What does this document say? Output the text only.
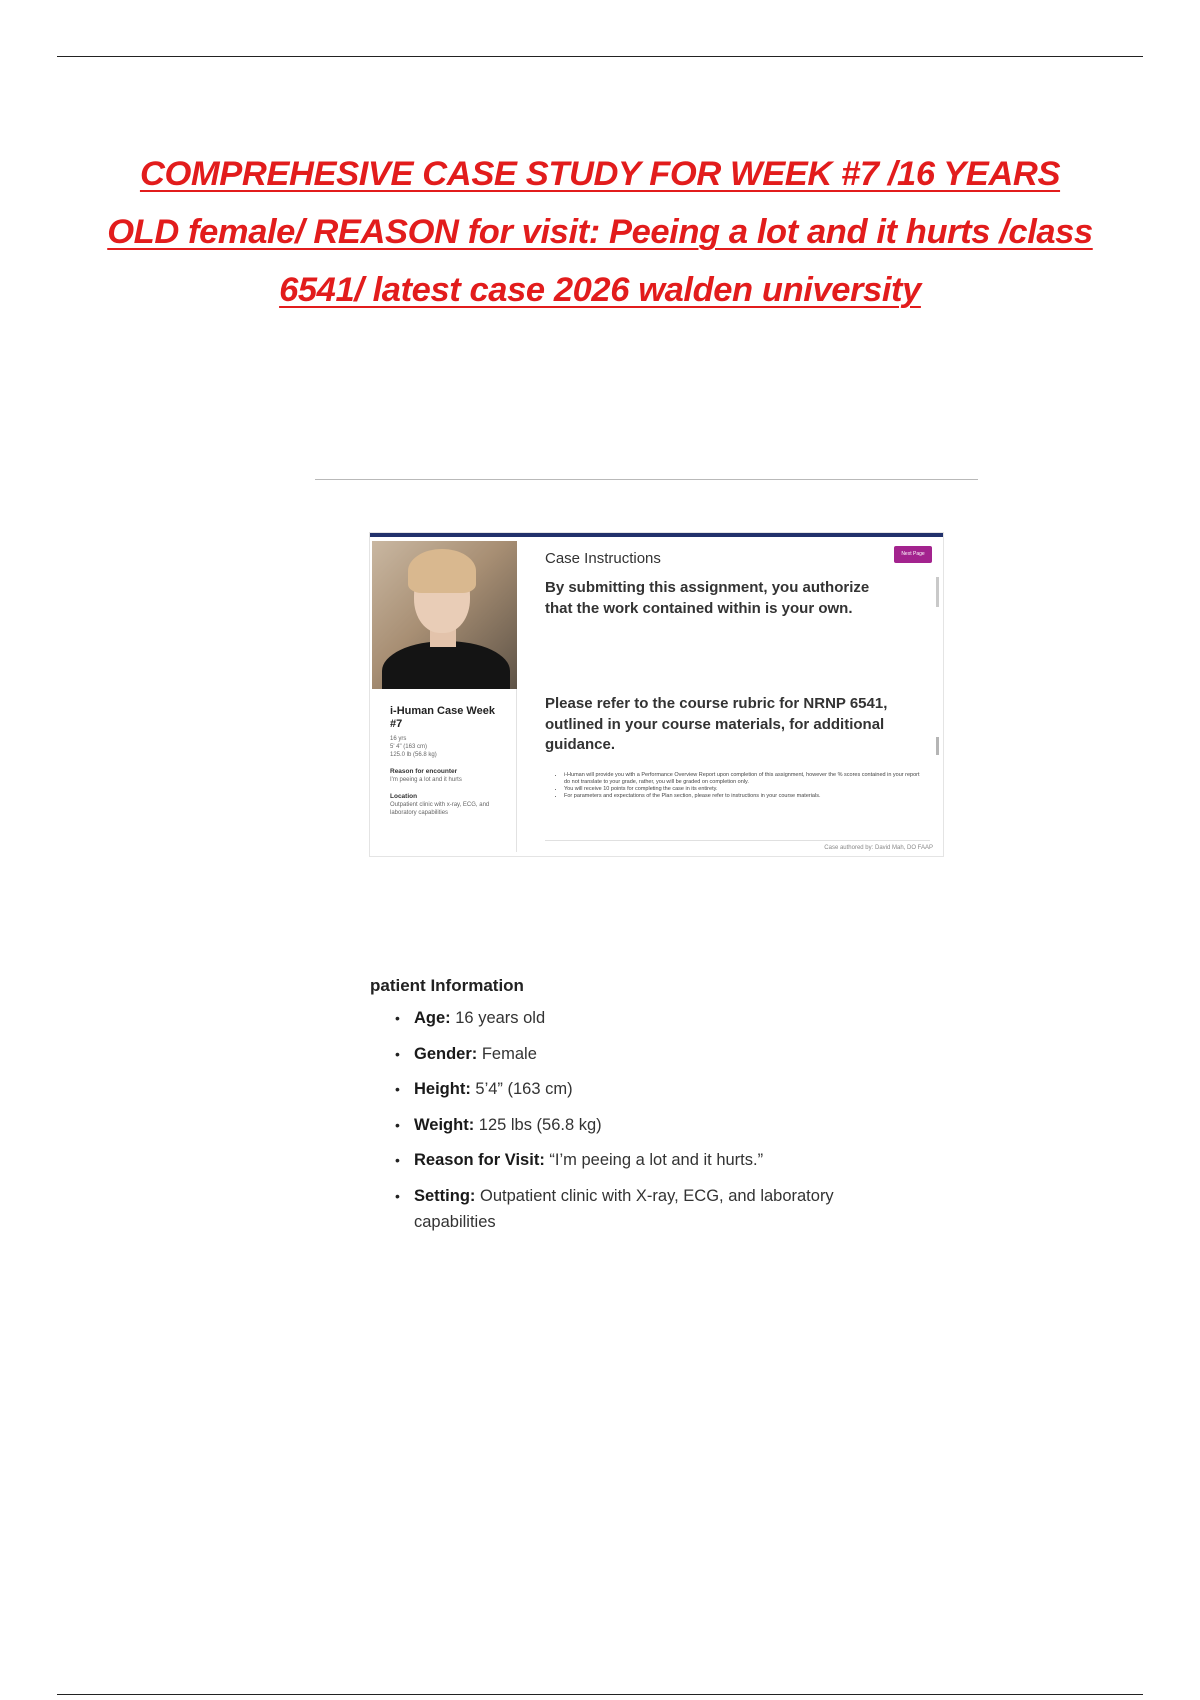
COMPREHESIVE CASE STUDY FOR WEEK #7 /16 YEARS OLD female/ REASON for visit: Peeing a lot and it hurts /class 6541/ latest case 2026 walden university
i-Human Case Week #7
16 yrs
5' 4" (163 cm)
125.0 lb (56.8 kg)
Reason for encounter
I'm peeing a lot and it hurts
Location
Outpatient clinic with x-ray, ECG, and laboratory capabilities
Case Instructions	Next Page
By submitting this assignment, you authorize that the work contained within is your own.
Please refer to the course rubric for NRNP 6541, outlined in your course materials, for additional guidance.
• i-Human will provide you with a Performance Overview Report upon completion of this assignment, however the % scores contained in your report do not translate to your grade, rather, you will be graded on completion only.
• You will receive 10 points for completing the case in its entirety.
• For parameters and expectations of the Plan section, please refer to instructions in your course materials.
Case authored by: David Mah, DO FAAP
patient Information
• Age: 16 years old
• Gender: Female
• Height: 5’4” (163 cm)
• Weight: 125 lbs (56.8 kg)
• Reason for Visit: “I’m peeing a lot and it hurts.”
• Setting: Outpatient clinic with X-ray, ECG, and laboratory capabilities
